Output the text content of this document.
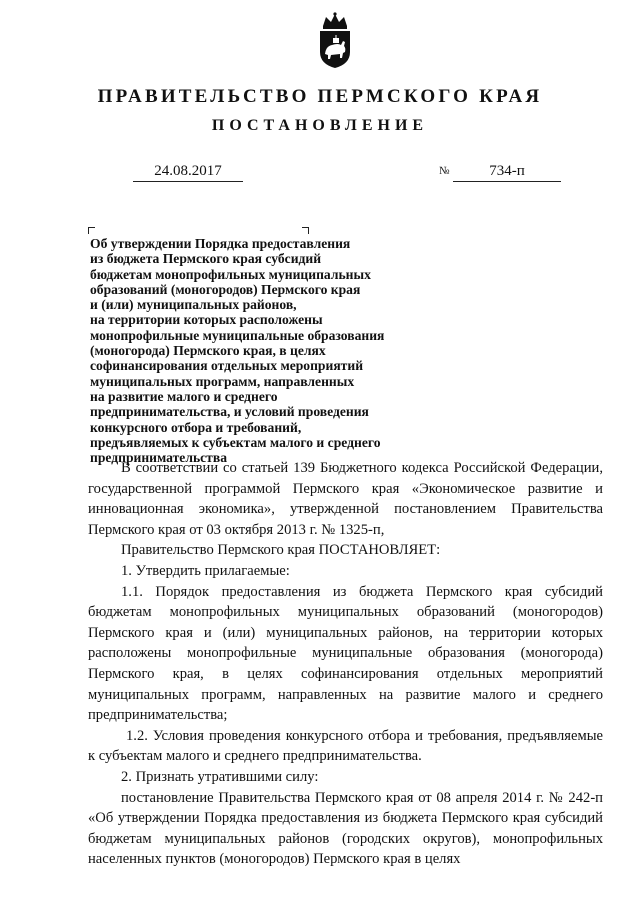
ПРАВИТЕЛЬСТВО ПЕРМСКОГО КРАЯ
ПОСТАНОВЛЕНИЕ
24.08.2017	№	734-п
Об утверждении Порядка предоставления
из бюджета Пермского края субсидий
бюджетам монопрофильных муниципальных
образований (моногородов) Пермского края
и (или) муниципальных районов,
на территории которых расположены
монопрофильные муниципальные образования
(моногорода) Пермского края, в целях
софинансирования отдельных мероприятий
муниципальных программ, направленных
на развитие малого и среднего
предпринимательства, и условий проведения
конкурсного отбора и требований,
предъявляемых к субъектам малого и среднего
предпринимательства

В соответствии со статьей 139 Бюджетного кодекса Российской Федерации, государственной программой Пермского края «Экономическое развитие и инновационная экономика», утвержденной постановлением Правительства Пермского края от 03 октября 2013 г. № 1325-п,

Правительство Пермского края ПОСТАНОВЛЯЕТ:

1. Утвердить прилагаемые:

1.1. Порядок предоставления из бюджета Пермского края субсидий бюджетам монопрофильных муниципальных образований (моногородов) Пермского края и (или) муниципальных районов, на территории которых расположены монопрофильные муниципальные образования (моногорода) Пермского края, в целях софинансирования отдельных мероприятий муниципальных программ, направленных на развитие малого и среднего предпринимательства;

1.2. Условия проведения конкурсного отбора и требования, предъявляемые к субъектам малого и среднего предпринимательства.

2. Признать утратившими силу:

постановление Правительства Пермского края от 08 апреля 2014 г. № 242-п «Об утверждении Порядка предоставления из бюджета Пермского края субсидий бюджетам муниципальных районов (городских округов), монопрофильных населенных пунктов (моногородов) Пермского края в целях
